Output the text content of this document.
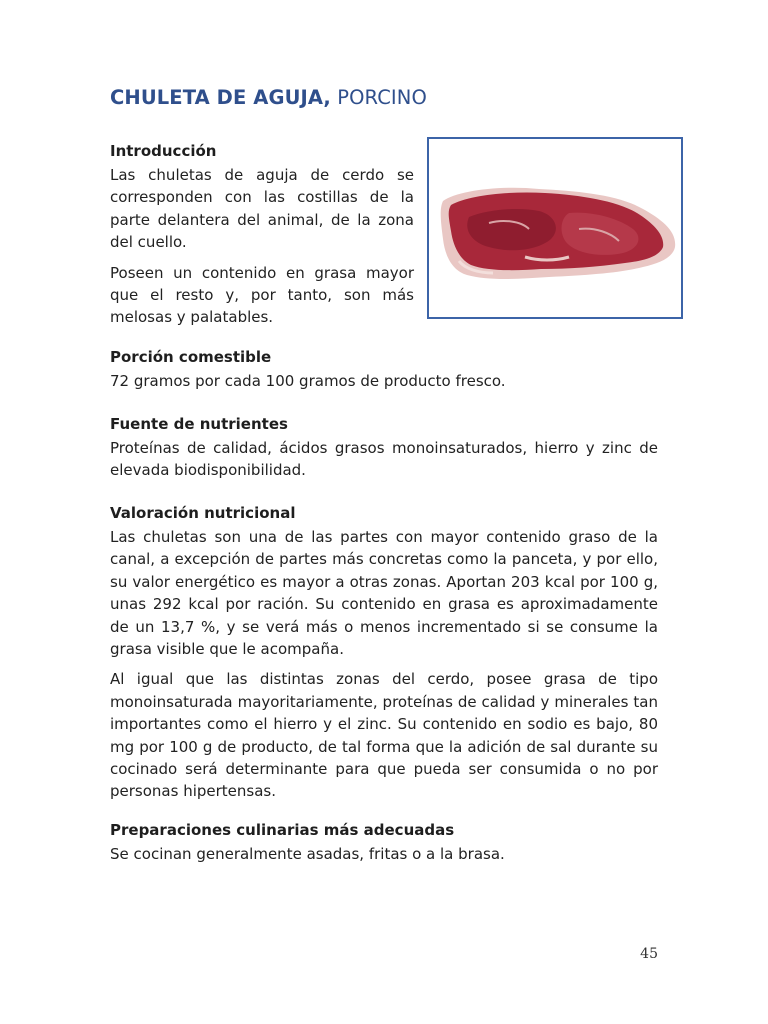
CHULETA DE AGUJA, PORCINO
Introducción
Las chuletas de aguja de cerdo se corresponden con las costillas de la parte delantera del animal, de la zona del cuello.
Poseen un contenido en grasa mayor que el resto y, por tanto, son más melosas y palatables.
Porción comestible
72 gramos por cada 100 gramos de producto fresco.
Fuente de nutrientes
Proteínas de calidad, ácidos grasos monoinsaturados, hierro y zinc de elevada biodisponibilidad.
Valoración nutricional
Las chuletas son una de las partes con mayor contenido graso de la canal, a excepción de partes más concretas como la panceta, y por ello, su valor energético es mayor a otras zonas. Aportan 203 kcal por 100 g, unas 292 kcal por ración. Su contenido en grasa es aproximadamente de un 13,7 %, y se verá más o menos incrementado si se consume la grasa visible que le acompaña.
Al igual que las distintas zonas del cerdo, posee grasa de tipo monoinsaturada mayoritariamente, proteínas de calidad y minerales tan importantes como el hierro y el zinc. Su contenido en sodio es bajo, 80 mg por 100 g de producto, de tal forma que la adición de sal durante su cocinado será determinante para que pueda ser consumida o no por personas hipertensas.
Preparaciones culinarias más adecuadas
Se cocinan generalmente asadas, fritas o a la brasa.
45
